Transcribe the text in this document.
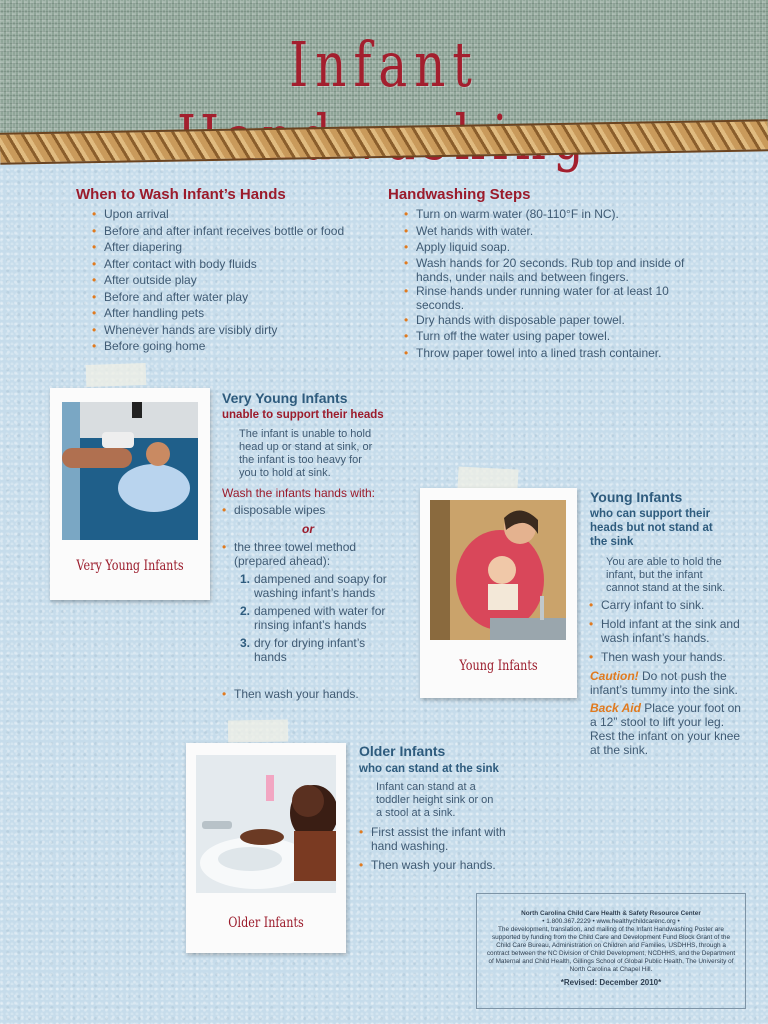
Infant
When to Wash Infant’s Hands
• Upon arrival
• Before and after infant receives bottle or food
• After diapering
• After contact with body fluids
• After outside play
• Before and after water play
• After handling pets
• Whenever hands are visibly dirty
• Before going home
Handwashing Steps
• Turn on warm water (80-110°F in NC).
• Wet hands with water.
• Apply liquid soap.
• Wash hands for 20 seconds. Rub top and inside of hands, under nails and between fingers.
• Rinse hands under running water for at least 10 seconds.
• Dry hands with disposable paper towel.
• Turn off the water using paper towel.
• Throw paper towel into a lined trash container.
Very Young Infants
Very Young Infants
unable to support their heads
The infant is unable to hold head up or stand at sink, or the infant is too heavy for you to hold at sink.
Wash the infants hands with:
• disposable wipes
or
• the three towel method (prepared ahead):
1. dampened and soapy for washing infant’s hands
2. dampened with water for rinsing infant’s hands
3. dry for drying infant’s hands
• Then wash your hands.
Young Infants
Young Infants
who can support their heads but not stand at the sink
You are able to hold the infant, but the infant cannot stand at the sink.
• Carry infant to sink.
• Hold infant at the sink and wash infant’s hands.
• Then wash your hands.
Caution! Do not push the infant’s tummy into the sink.
Back Aid Place your foot on a 12” stool to lift your leg. Rest the infant on your knee at the sink.
Older Infants
Older Infants
who can stand at the sink
Infant can stand at a toddler height sink or on a stool at a sink.
• First assist the infant with hand washing.
• Then wash your hands.
North Carolina Child Care Health & Safety Resource Center
• 1.800.367.2229 • www.healthychildcarenc.org •
The development, translation, and mailing of the Infant Handwashing Poster are supported by funding from the Child Care and Development Fund Block Grant of the Child Care Bureau, Administration on Children and Families, USDHHS, through a contract between the NC Division of Child Development, NCDHHS, and the Department of Maternal and Child Health, Gillings School of Global Public Health, The University of North Carolina at Chapel Hill.
*Revised: December 2010*
